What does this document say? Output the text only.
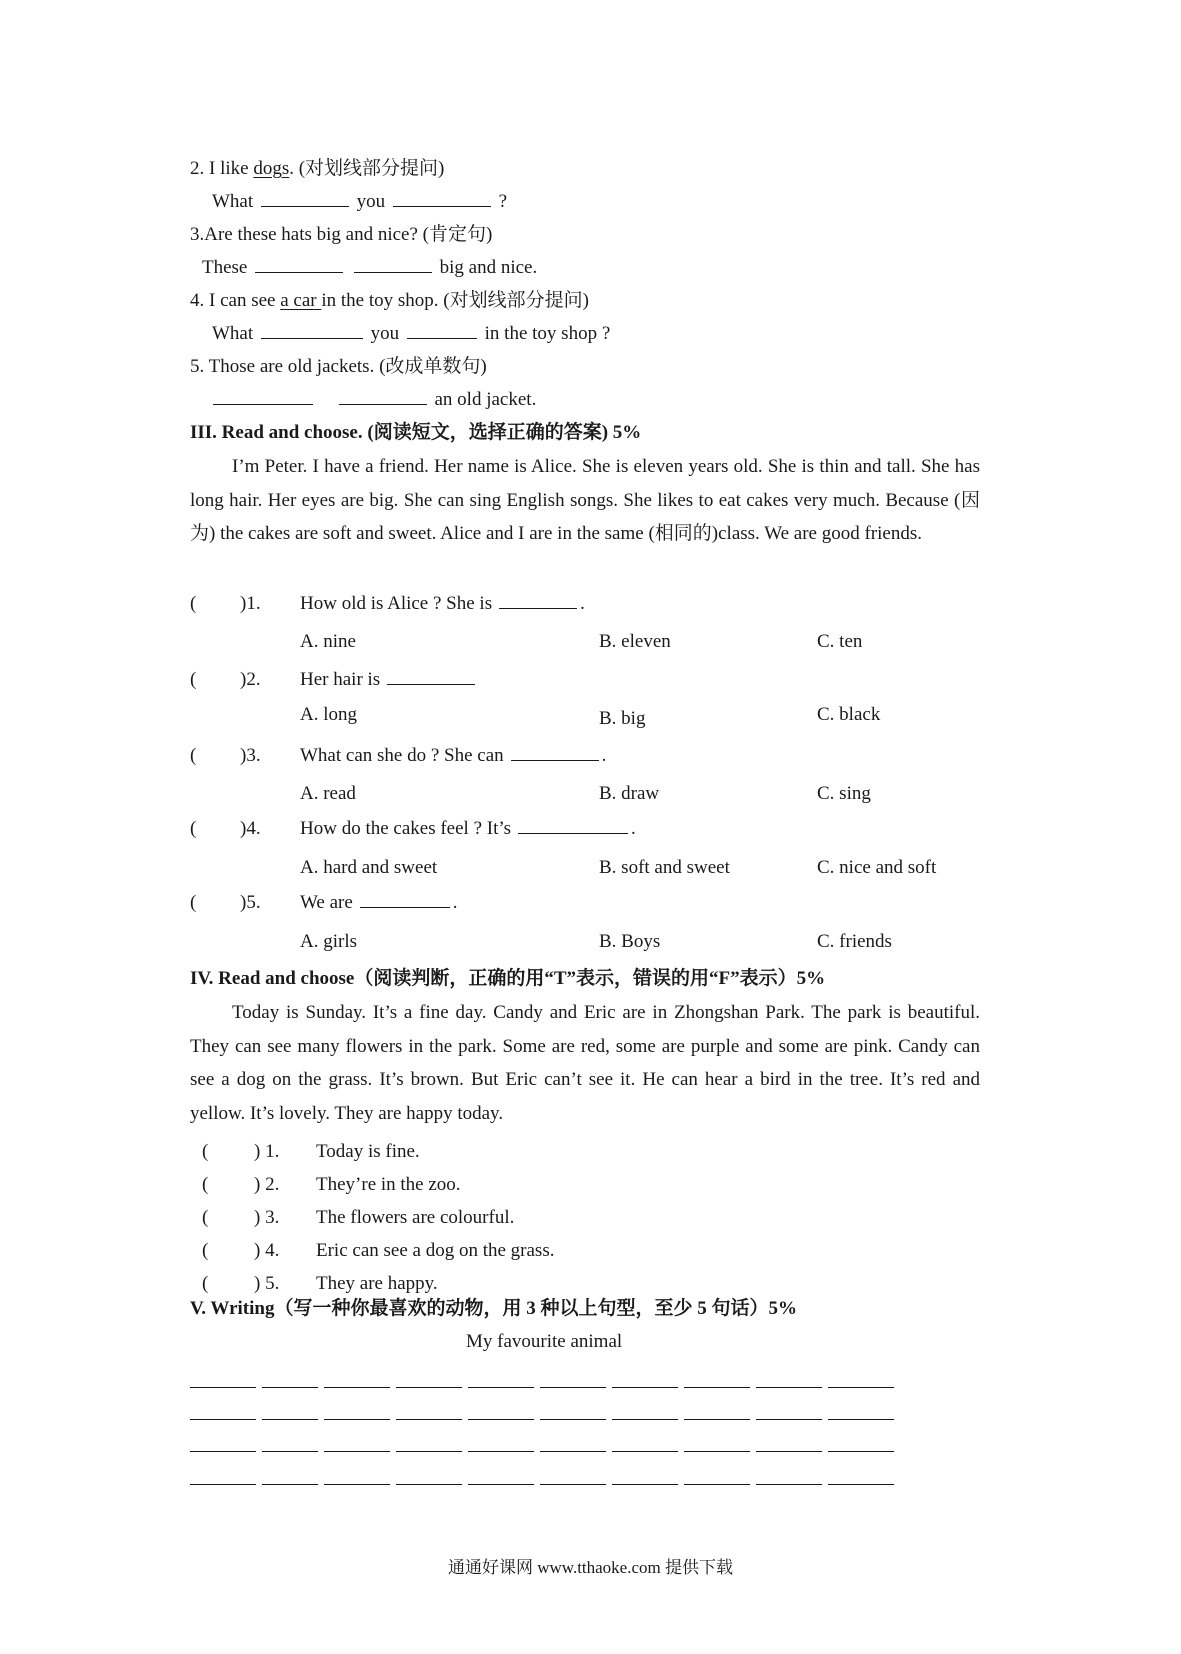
2. I like dogs. (对划线部分提问)
What	you	?
3.Are these hats big and nice? (肯定句)
These	big and nice.
4. I can see a car in the toy shop. (对划线部分提问)
What	you	in the toy shop ?
5. Those are old jackets. (改成单数句)
an old jacket.
III. Read and choose. (阅读短文，选择正确的答案) 5%
I’m Peter. I have a friend. Her name is Alice. She is eleven years old. She is thin and tall. She has long hair. Her eyes are big. She can sing English songs. She likes to eat cakes very much. Because (因为) the cakes are soft and sweet. Alice and I are in the same (相同的)class. We are good friends.
( )1. How old is Alice ? She is	.
A. nine	B. eleven	C. ten
( )2. Her hair is
A. long	B. big	C. black
( )3. What can she do ? She can	.
A. read	B. draw	C. sing
( )4. How do the cakes feel ? It’s	.
A. hard and sweet	B. soft and sweet	C. nice and soft
( )5. We are	.
A. girls	B. Boys	C. friends
IV. Read and choose（阅读判断，正确的用“T”表示，错误的用“F”表示）5%
Today is Sunday. It’s a fine day. Candy and Eric are in Zhongshan Park. The park is beautiful. They can see many flowers in the park. Some are red, some are purple and some are pink. Candy can see a dog on the grass. It’s brown. But Eric can’t see it. He can hear a bird in the tree. It’s red and yellow. It’s lovely. They are happy today.
( ) 1. Today is fine.
( ) 2. They’re in the zoo.
( ) 3. The flowers are colourful.
( ) 4. Eric can see a dog on the grass.
( ) 5. They are happy.
V. Writing（写一种你最喜欢的动物，用 3 种以上句型，至少 5 句话）5%
My favourite animal
通通好课网 www.tthaoke.com 提供下载
